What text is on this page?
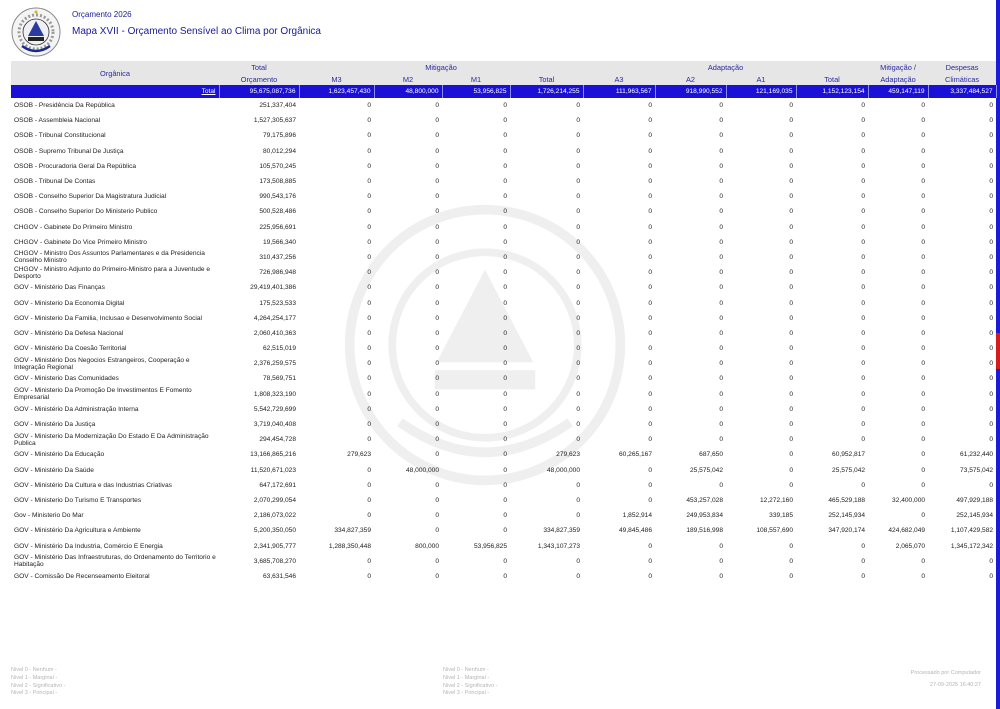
Orçamento 2026
Mapa XVII - Orçamento Sensível ao Clima por Orgânica
Orgânica	Total	Mitigação				Adaptação				Mitigação /	Despesas
	Orçamento	M3	M2	M1	Total	A3	A2	A1	Total	Adaptação	Climáticas
Total	95,675,087,736	1,623,457,430	48,800,000	53,956,825	1,726,214,255	111,963,567	918,990,552	121,169,035	1,152,123,154	459,147,119	3,337,484,527
OSOB - Presidência Da República	251,337,404	0	0	0	0	0	0	0	0	0	0
OSOB - Assembleia Nacional	1,527,305,637	0	0	0	0	0	0	0	0	0	0
OSOB - Tribunal Constitucional	79,175,896	0	0	0	0	0	0	0	0	0	0
OSOB - Supremo Tribunal De Justiça	80,012,294	0	0	0	0	0	0	0	0	0	0
OSOB - Procuradoria Geral Da República	105,570,245	0	0	0	0	0	0	0	0	0	0
OSOB - Tribunal De Contas	173,508,885	0	0	0	0	0	0	0	0	0	0
OSOB - Conselho Superior Da Magistratura Judicial	990,543,176	0	0	0	0	0	0	0	0	0	0
OSOB - Conselho Superior Do Ministerio Publico	500,528,486	0	0	0	0	0	0	0	0	0	0
CHGOV - Gabinete Do Primeiro Ministro	225,956,691	0	0	0	0	0	0	0	0	0	0
CHGOV - Gabinete Do Vice Primeiro Ministro	19,566,340	0	0	0	0	0	0	0	0	0	0
CHGOV - Ministro Dos Assuntos Parlamentares e da Presidencia Conselho Ministro	310,437,256	0	0	0	0	0	0	0	0	0	0
CHGOV - Ministro Adjunto do Primeiro-Ministro para a Juventude e Desporto	726,986,948	0	0	0	0	0	0	0	0	0	0
GOV - Ministério Das Finanças	29,419,401,386	0	0	0	0	0	0	0	0	0	0
GOV - Ministerio Da Economia Digital	175,523,533	0	0	0	0	0	0	0	0	0	0
GOV - Ministerio Da Familia, Inclusao e Desenvolvimento Social	4,264,254,177	0	0	0	0	0	0	0	0	0	0
GOV - Ministério Da Defesa Nacional	2,060,410,363	0	0	0	0	0	0	0	0	0	0
GOV - Ministério Da Coesão Territorial	62,515,019	0	0	0	0	0	0	0	0	0	0
GOV - Ministério Dos Negocios Estrangeiros, Cooperação e Integração Regional	2,376,259,575	0	0	0	0	0	0	0	0	0	0
GOV - Ministerio Das Comunidades	78,569,751	0	0	0	0	0	0	0	0	0	0
GOV - Ministerio Da Promoção De Investimentos E Fomento Empresarial	1,808,323,190	0	0	0	0	0	0	0	0	0	0
GOV - Ministério Da Administração Interna	5,542,729,699	0	0	0	0	0	0	0	0	0	0
GOV - Ministério Da Justiça	3,719,040,408	0	0	0	0	0	0	0	0	0	0
GOV - Ministerio Da Modernização Do Estado E Da Administração Publica	294,454,728	0	0	0	0	0	0	0	0	0	0
GOV - Ministério Da Educação	13,166,865,216	279,623	0	0	279,623	60,265,167	687,650	0	60,952,817	0	61,232,440
GOV - Ministério Da Saúde	11,520,671,023	0	48,000,000	0	48,000,000	0	25,575,042	0	25,575,042	0	73,575,042
GOV - Ministério Da Cultura e das Industrias Criativas	647,172,691	0	0	0	0	0	0	0	0	0	0
GOV - Ministerio Do Turismo E Transportes	2,070,299,054	0	0	0	0	0	453,257,028	12,272,160	465,529,188	32,400,000	497,929,188
Gov - Ministerio Do Mar	2,186,073,022	0	0	0	0	1,852,914	249,953,834	339,185	252,145,934	0	252,145,934
GOV - Ministério Da Agricultura e Ambiente	5,200,350,050	334,827,359	0	0	334,827,359	49,845,486	189,516,998	108,557,690	347,920,174	424,682,049	1,107,429,582
GOV - Ministério Da Industria, Comércio E Energia	2,341,905,777	1,288,350,448	800,000	53,956,825	1,343,107,273	0	0	0	0	2,065,070	1,345,172,342
GOV - Ministério Das Infraestruturas, do Ordenamento do Territorio e Habitação	3,685,708,270	0	0	0	0	0	0	0	0	0	0
GOV - Comissão De Recenseamento Eleitoral	63,631,546	0	0	0	0	0	0	0	0	0	0
Nivel 0 - Nenhum -
Nivel 1 - Marginal -
Nivel 2 - Significativo -
Nivel 3 - Principal -
Nivel 0 - Nenhum -
Nivel 1 - Marginal -
Nivel 2 - Significativo -
Nivel 3 - Principal -
Processado por Computador
27-09-2025 16:40:27
